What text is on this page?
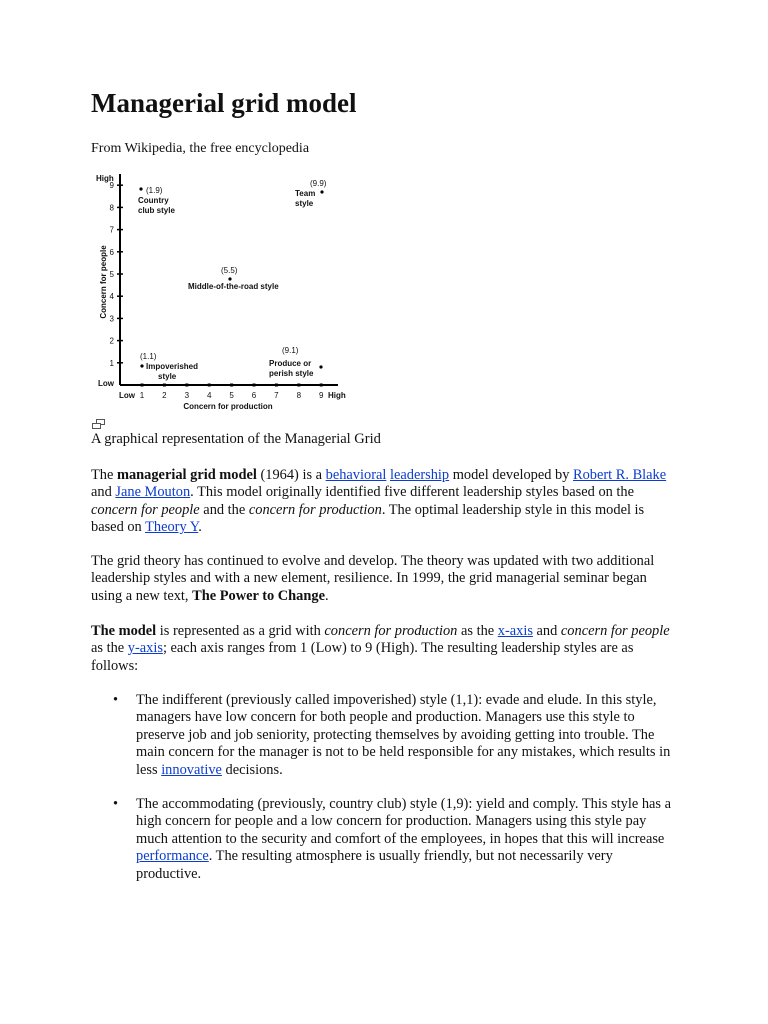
Managerial grid model
From Wikipedia, the free encyclopedia
1
2
3
4
5
6
7
8
9
1 2 3 4 5 6 7 8 9
High
Low
Low	High
Concern for production
Concern for people
(1.9)
Country
club style
(9.9)
Team
style
(5.5)
Middle-of-the-road style
(1.1)
Impoverished
style
(9.1)
Produce or
perish style
A graphical representation of the Managerial Grid

The managerial grid model (1964) is a behavioral leadership model developed by Robert R. Blake and Jane Mouton. This model originally identified five different leadership styles based on the concern for people and the concern for production. The optimal leadership style in this model is based on Theory Y.

The grid theory has continued to evolve and develop. The theory was updated with two additional leadership styles and with a new element, resilience. In 1999, the grid managerial seminar began using a new text, The Power to Change.

The model is represented as a grid with concern for production as the x-axis and concern for people as the y-axis; each axis ranges from 1 (Low) to 9 (High). The resulting leadership styles are as follows:

• The indifferent (previously called impoverished) style (1,1): evade and elude. In this style, managers have low concern for both people and production. Managers use this style to preserve job and job seniority, protecting themselves by avoiding getting into trouble. The main concern for the manager is not to be held responsible for any mistakes, which results in less innovative decisions.
• The accommodating (previously, country club) style (1,9): yield and comply. This style has a high concern for people and a low concern for production. Managers using this style pay much attention to the security and comfort of the employees, in hopes that this will increase performance. The resulting atmosphere is usually friendly, but not necessarily very productive.
